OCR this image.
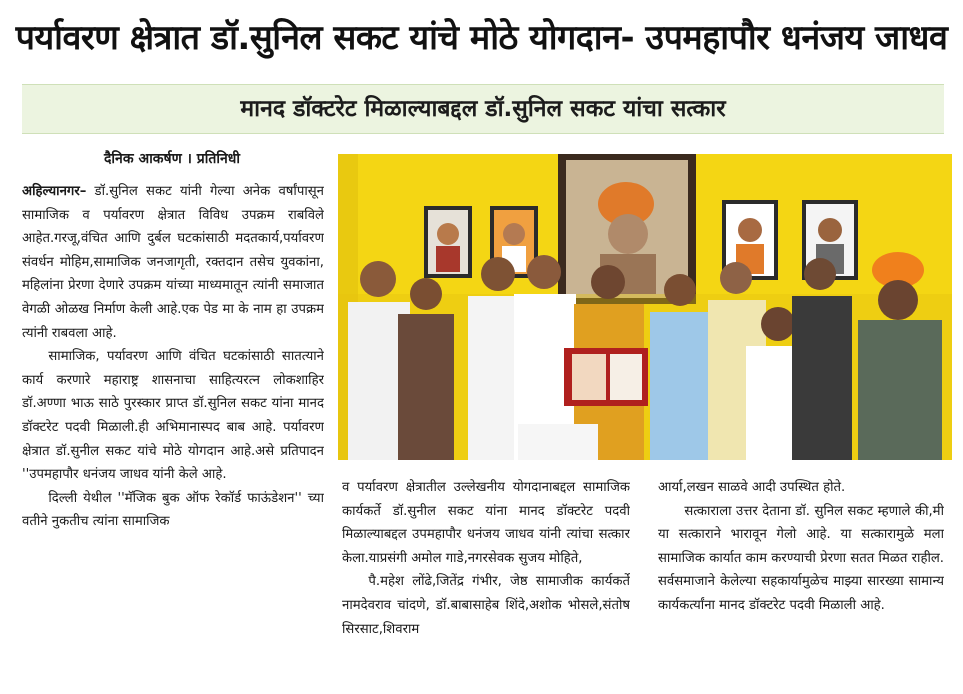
पर्यावरण क्षेत्रात डॉ.सुनिल सकट यांचे मोठे योगदान- उपमहापौर धनंजय जाधव
मानद डॉक्टरेट मिळाल्याबद्दल डॉ.सुनिल सकट यांचा सत्कार
दैनिक आकर्षण । प्रतिनिधी

अहिल्यानगर– डॉ.सुनिल सकट यांनी गेल्या अनेक वर्षांपासून सामाजिक व पर्यावरण क्षेत्रात विविध उपक्रम राबविले आहेत.गरजू,वंचित आणि दुर्बल घटकांसाठी मदतकार्य,पर्यावरण संवर्धन मोहिम,सामाजिक जनजागृती, रक्तदान तसेच युवकांना, महिलांना प्रेरणा देणारे उपक्रम यांच्या माध्यमातून त्यांनी समाजात वेगळी ओळख निर्माण केली आहे.एक पेड मा के नाम हा उपक्रम त्यांनी राबवला आहे.

सामाजिक, पर्यावरण आणि वंचित घटकांसाठी सातत्याने कार्य करणारे महाराष्ट्र शासनाचा साहित्यरत्न लोकशाहिर डॉ.अण्णा भाऊ साठे पुरस्कार प्राप्त डॉ.सुनिल सकट यांना मानद डॉक्टरेट पदवी मिळाली.ही अभिमानास्पद बाब आहे. पर्यावरण क्षेत्रात डॉ.सुनील सकट यांचे मोठे योगदान आहे.असे प्रतिपादन ''उपमहापौर धनंजय जाधव यांनी केले आहे.

दिल्ली येथील ''मॅजिक बुक ऑफ रेकॉर्ड फाऊंडेशन'' च्या वतीने नुकतीच त्यांना सामाजिक

व पर्यावरण क्षेत्रातील उल्लेखनीय योगदानाबद्दल सामाजिक कार्यकर्ते डॉ.सुनील सकट यांना मानद डॉक्टरेट पदवी मिळाल्याबद्दल उपमहापौर धनंजय जाधव यांनी त्यांचा सत्कार केला.याप्रसंगी अमोल गाडे,नगरसेवक सुजय मोहिते,

पै.महेश लोंढे,जितेंद्र गंभीर, जेष्ठ सामाजीक कार्यकर्ते नामदेवराव चांदणे, डॉ.बाबासाहेब शिंदे,अशोक भोसले,संतोष सिरसाट,शिवराम

आर्या,लखन साळवे आदी उपस्थित होते.

सत्काराला उत्तर देताना डॉ. सुनिल सकट म्हणाले की,मी या सत्काराने भारावून गेलो आहे. या सत्कारामुळे मला सामाजिक कार्यात काम करण्याची प्रेरणा सतत मिळत राहील. सर्वसमाजाने केलेल्या सहकार्यामुळेच माझ्या सारख्या सामान्य कार्यकर्त्यांना मानद डॉक्टरेट पदवी मिळाली आहे.
